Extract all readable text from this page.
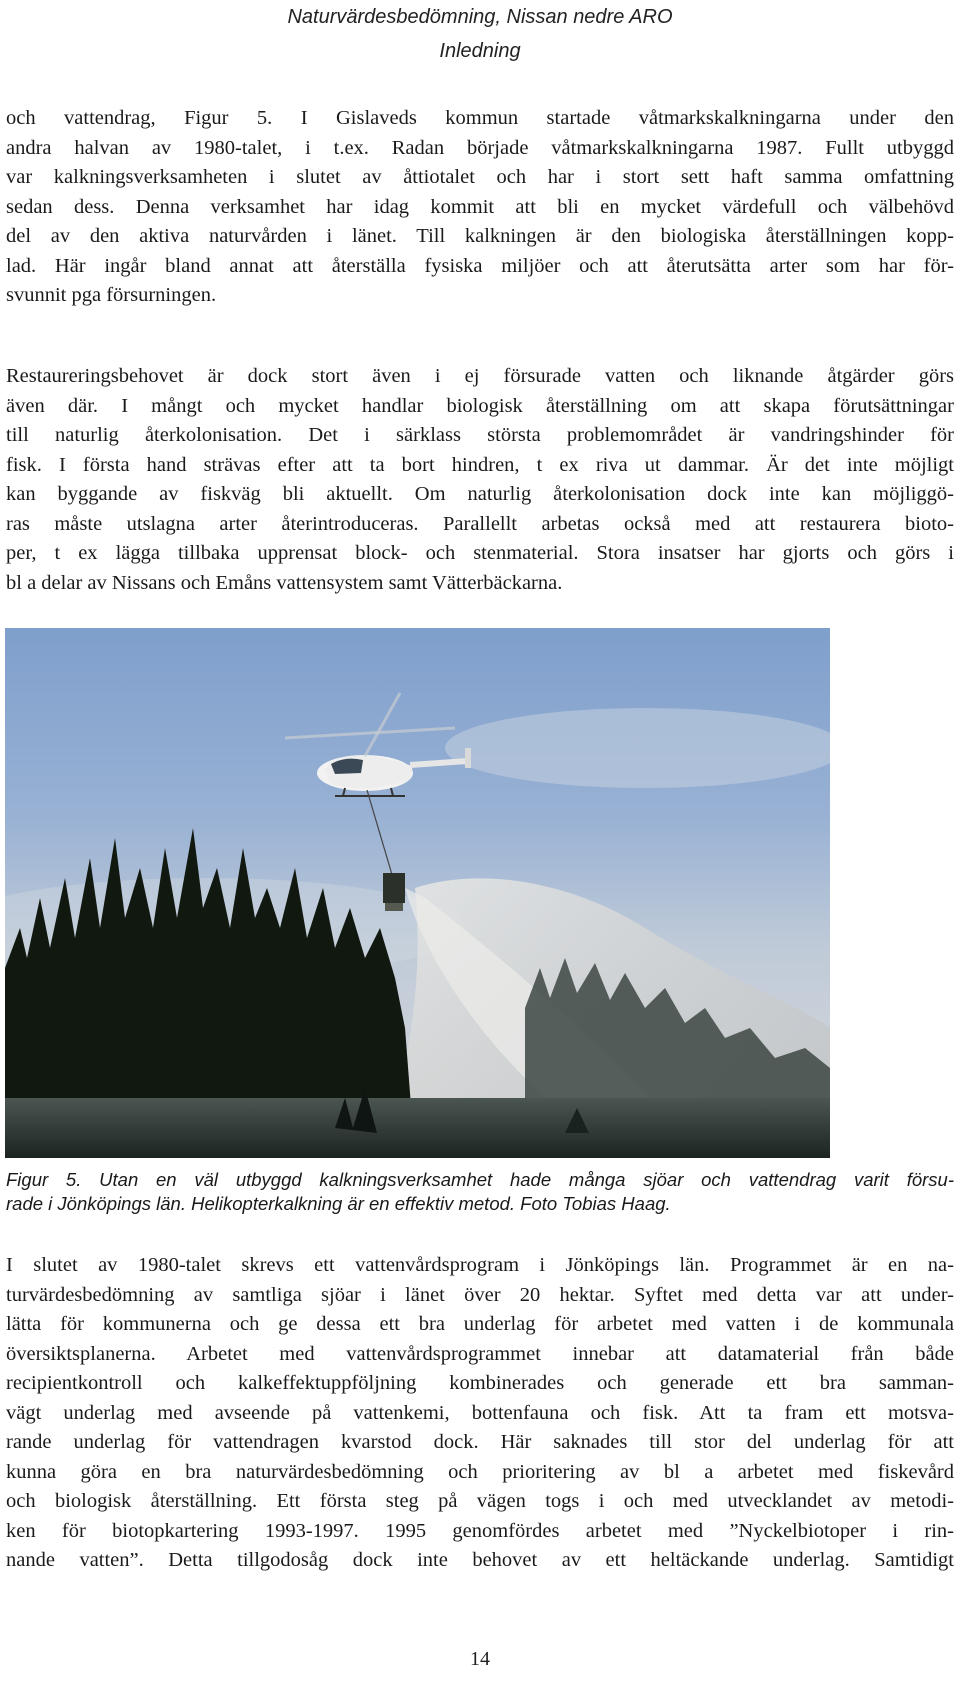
Naturvärdesbedömning, Nissan nedre ARO
Inledning
och vattendrag, Figur 5. I Gislaveds kommun startade våtmarkskalkningarna under den
andra halvan av 1980-talet, i t.ex. Radan började våtmarkskalkningarna 1987. Fullt utbyggd
var kalkningsverksamheten i slutet av åttiotalet och har i stort sett haft samma omfattning
sedan dess. Denna verksamhet har idag kommit att bli en mycket värdefull och välbehövd
del av den aktiva naturvården i länet. Till kalkningen är den biologiska återställningen kopp-
lad. Här ingår bland annat att återställa fysiska miljöer och att återutsätta arter som har för-
svunnit pga försurningen.
Restaureringsbehovet är dock stort även i ej försurade vatten och liknande åtgärder görs
även där. I mångt och mycket handlar biologisk återställning om att skapa förutsättningar
till naturlig återkolonisation. Det i särklass största problemområdet är vandringshinder för
fisk. I första hand strävas efter att ta bort hindren, t ex riva ut dammar. Är det inte möjligt
kan byggande av fiskväg bli aktuellt. Om naturlig återkolonisation dock inte kan möjliggö-
ras måste utslagna arter återintroduceras. Parallellt arbetas också med att restaurera bioto-
per, t ex lägga tillbaka upprensat block- och stenmaterial. Stora insatser har gjorts och görs i
bl a delar av Nissans och Emåns vattensystem samt Vätterbäckarna.
Figur 5. Utan en väl utbyggd kalkningsverksamhet hade många sjöar och vattendrag varit försu-
rade i Jönköpings län. Helikopterkalkning är en effektiv metod. Foto Tobias Haag.
I slutet av 1980-talet skrevs ett vattenvårdsprogram i Jönköpings län. Programmet är en na-
turvärdesbedömning av samtliga sjöar i länet över 20 hektar. Syftet med detta var att under-
lätta för kommunerna och ge dessa ett bra underlag för arbetet med vatten i de kommunala
översiktsplanerna. Arbetet med vattenvårdsprogrammet innebar att datamaterial från både
recipientkontroll och kalkeffektuppföljning kombinerades och generade ett bra samman-
vägt underlag med avseende på vattenkemi, bottenfauna och fisk. Att ta fram ett motsva-
rande underlag för vattendragen kvarstod dock. Här saknades till stor del underlag för att
kunna göra en bra naturvärdesbedömning och prioritering av bl a arbetet med fiskevård
och biologisk återställning. Ett första steg på vägen togs i och med utvecklandet av metodi-
ken för biotopkartering 1993-1997. 1995 genomfördes arbetet med ”Nyckelbiotoper i rin-
nande vatten”. Detta tillgodosåg dock inte behovet av ett heltäckande underlag. Samtidigt
14
